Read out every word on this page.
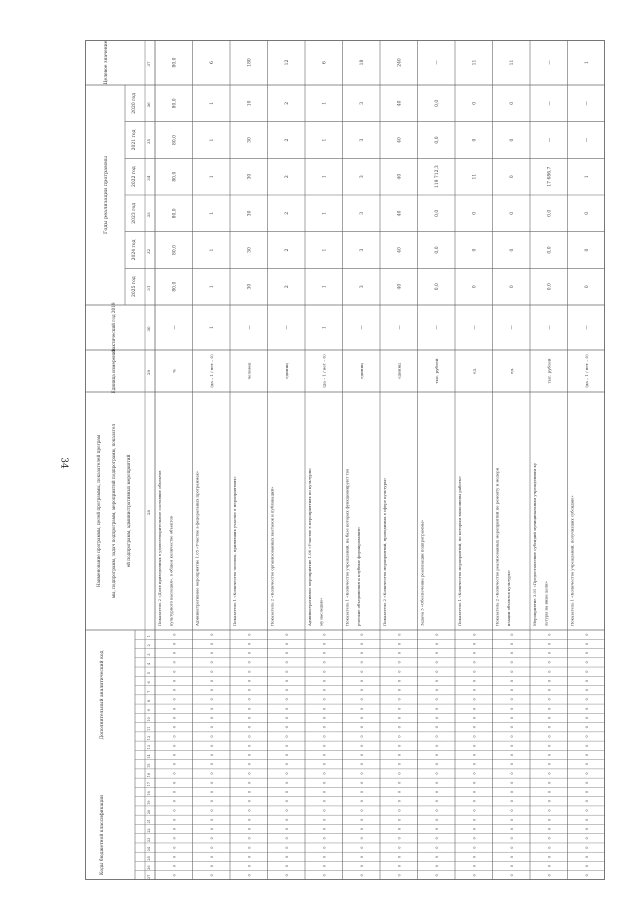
34
Целевое значение
Годы реализации программы
2020 год
2021 год
2022 год
2023 год
2024 год
2025 год
Фактический год 2019
Единица измерения
Наименование программы, целей программы, показателей програм мы, подпрограмм, задач подпрограмм, мероприятий подпрограмм, показател ей подпрограмм, административных мероприятий
Дополнительный аналитический код
Коды бюджетной классификации
1
2
3
4
5
6
7
8
9
10
11
12
13
14
15
16
17
18
19
20
21
22
23
24
25
26
27
37
36
35
34
33
32
31
30
29
28
80,0
80,0
80,0
80,0
80,0
80,0
80,0
—
%
Показатель 2 «Доля приведенных в удовлетворительное состояние объектов культурного наследия», в общем количестве объектов
0
0
0
0
0
0
0
0
0
0
0
0
0
0
0
0
0
0
0
0
0
0
0
0
0
0
0
6
1
1
1
1
1
1
1
(да – 1 / нет – 0)
Административное мероприятие 1.05 «Участие в федеральных программах»
0
0
0
0
0
0
0
0
0
0
0
0
0
0
0
0
0
0
0
0
0
0
0
0
0
0
0
180
10
30
30
30
30
30
—
человек
Показатель 1 «Количество человек, принявших участие в мероприятиях»
0
0
0
0
0
0
0
0
0
0
0
0
0
0
0
0
0
0
0
0
0
0
0
0
0
0
0
12
2
2
2
2
2
2
—
единиц
Показатель 2 «Количество организованных выставок и публикаций»
0
0
0
0
0
0
0
0
0
0
0
0
0
0
0
0
0
0
0
0
0
0
0
0
0
0
0
6
1
1
1
1
1
1
1
(да – 1 / нет – 0)
Административное мероприятие 1.06 «Участие в мероприятиях по культурно му наследию»
0
0
0
0
0
0
0
0
0
0
0
0
0
0
0
0
0
0
0
0
0
0
0
0
0
0
0
18
3
3
3
3
3
3
—
единиц
Показатель 1 «Количество учреждений, на базе которых функционируют тво рческие объединения и клубные формирования»
0
0
0
0
0
0
0
0
0
0
0
0
0
0
0
0
0
0
0
0
0
0
0
0
0
0
0
240
40
40
40
40
40
40
—
единиц
Показатель 2 «Количество мероприятий, проводимых в сфере культуры»
0
0
0
0
0
0
0
0
0
0
0
0
0
0
0
0
0
0
0
0
0
0
0
0
0
0
0
—
0,0
0,0
119 712,3
0,0
0,0
0,0
—
тыс. рублей
Задача 3 «Обеспечение реализации подпрограммы»
0
0
0
0
0
0
0
0
0
0
0
0
0
0
0
0
0
0
0
0
0
0
0
0
0
0
0
11
0
0
11
0
0
0
—
ед.
Показатель 1 «Количество мероприятий, по которым выполнены работы»
0
0
0
0
0
0
0
0
0
0
0
0
0
0
0
0
0
0
0
0
0
0
0
0
0
0
0
11
0
0
0
0
0
0
—
ед.
Показатель 2 «Количество реализованных мероприятий по ремонту и модерн изации объектов культуры»
0
0
0
0
0
0
0
0
0
0
0
0
0
0
0
0
0
0
0
0
0
0
0
0
0
0
0
—
—
—
17 686,7
0,0
0,0
0,0
—
тыс. рублей
Мероприятие 3.01 «Предоставление субсидий муниципальным учреждениям ку льтуры на иные цели»
0
0
0
0
0
0
0
0
0
0
0
0
0
0
0
0
0
0
0
0
0
0
0
0
0
0
0
1
—
—
1
0
0
0
—
(да – 1 / нет – 0)
Показатель 1 «Количество учреждений, получивших субсидию»
0
0
0
0
0
0
0
0
0
0
0
0
0
0
0
0
0
0
0
0
0
0
0
0
0
0
0
